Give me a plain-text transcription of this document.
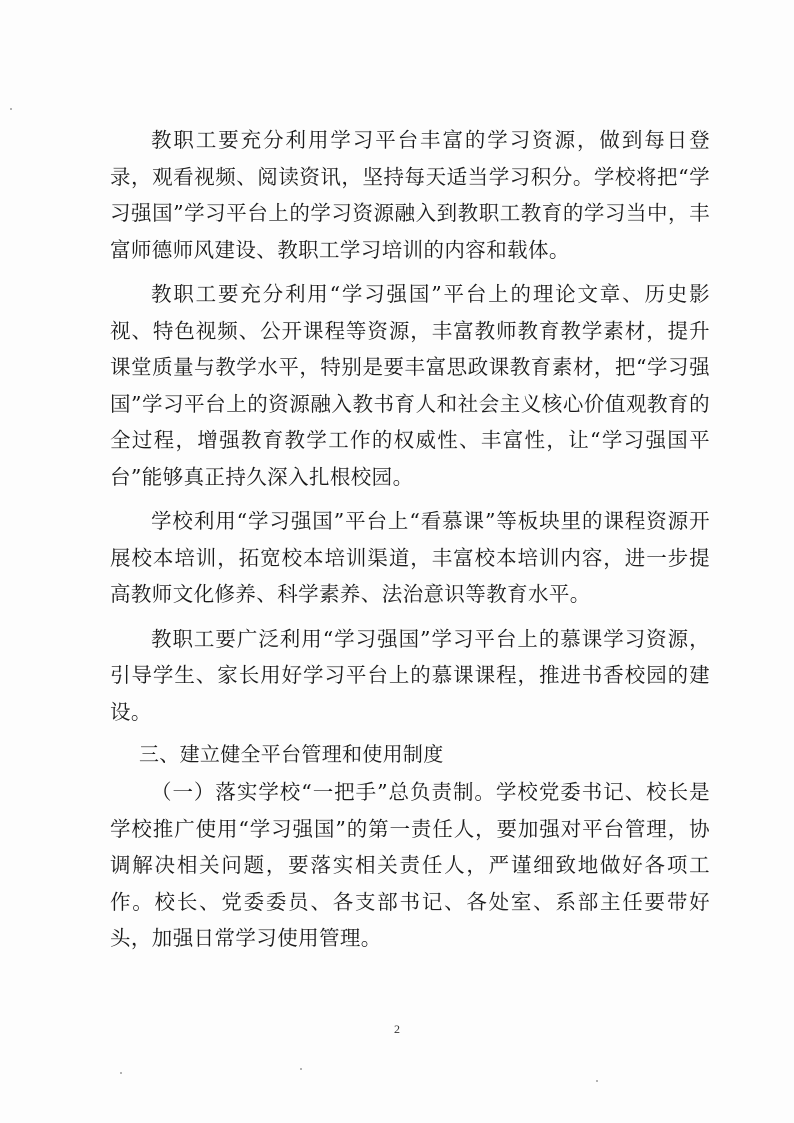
教职工要充分利用学习平台丰富的学习资源，做到每日登录，观看视频、阅读资讯，坚持每天适当学习积分。学校将把“学习强国”学习平台上的学习资源融入到教职工教育的学习当中，丰富师德师风建设、教职工学习培训的内容和载体。

教职工要充分利用“学习强国”平台上的理论文章、历史影视、特色视频、公开课程等资源，丰富教师教育教学素材，提升课堂质量与教学水平，特别是要丰富思政课教育素材，把“学习强国”学习平台上的资源融入教书育人和社会主义核心价值观教育的全过程，增强教育教学工作的权威性、丰富性，让“学习强国平台”能够真正持久深入扎根校园。

学校利用“学习强国”平台上“看慕课”等板块里的课程资源开展校本培训，拓宽校本培训渠道，丰富校本培训内容，进一步提高教师文化修养、科学素养、法治意识等教育水平。

教职工要广泛利用“学习强国”学习平台上的慕课学习资源，引导学生、家长用好学习平台上的慕课课程，推进书香校园的建设。

三、建立健全平台管理和使用制度

（一）落实学校“一把手”总负责制。学校党委书记、校长是学校推广使用“学习强国”的第一责任人，要加强对平台管理，协调解决相关问题，要落实相关责任人，严谨细致地做好各项工作。校长、党委委员、各支部书记、各处室、系部主任要带好头，加强日常学习使用管理。

2
